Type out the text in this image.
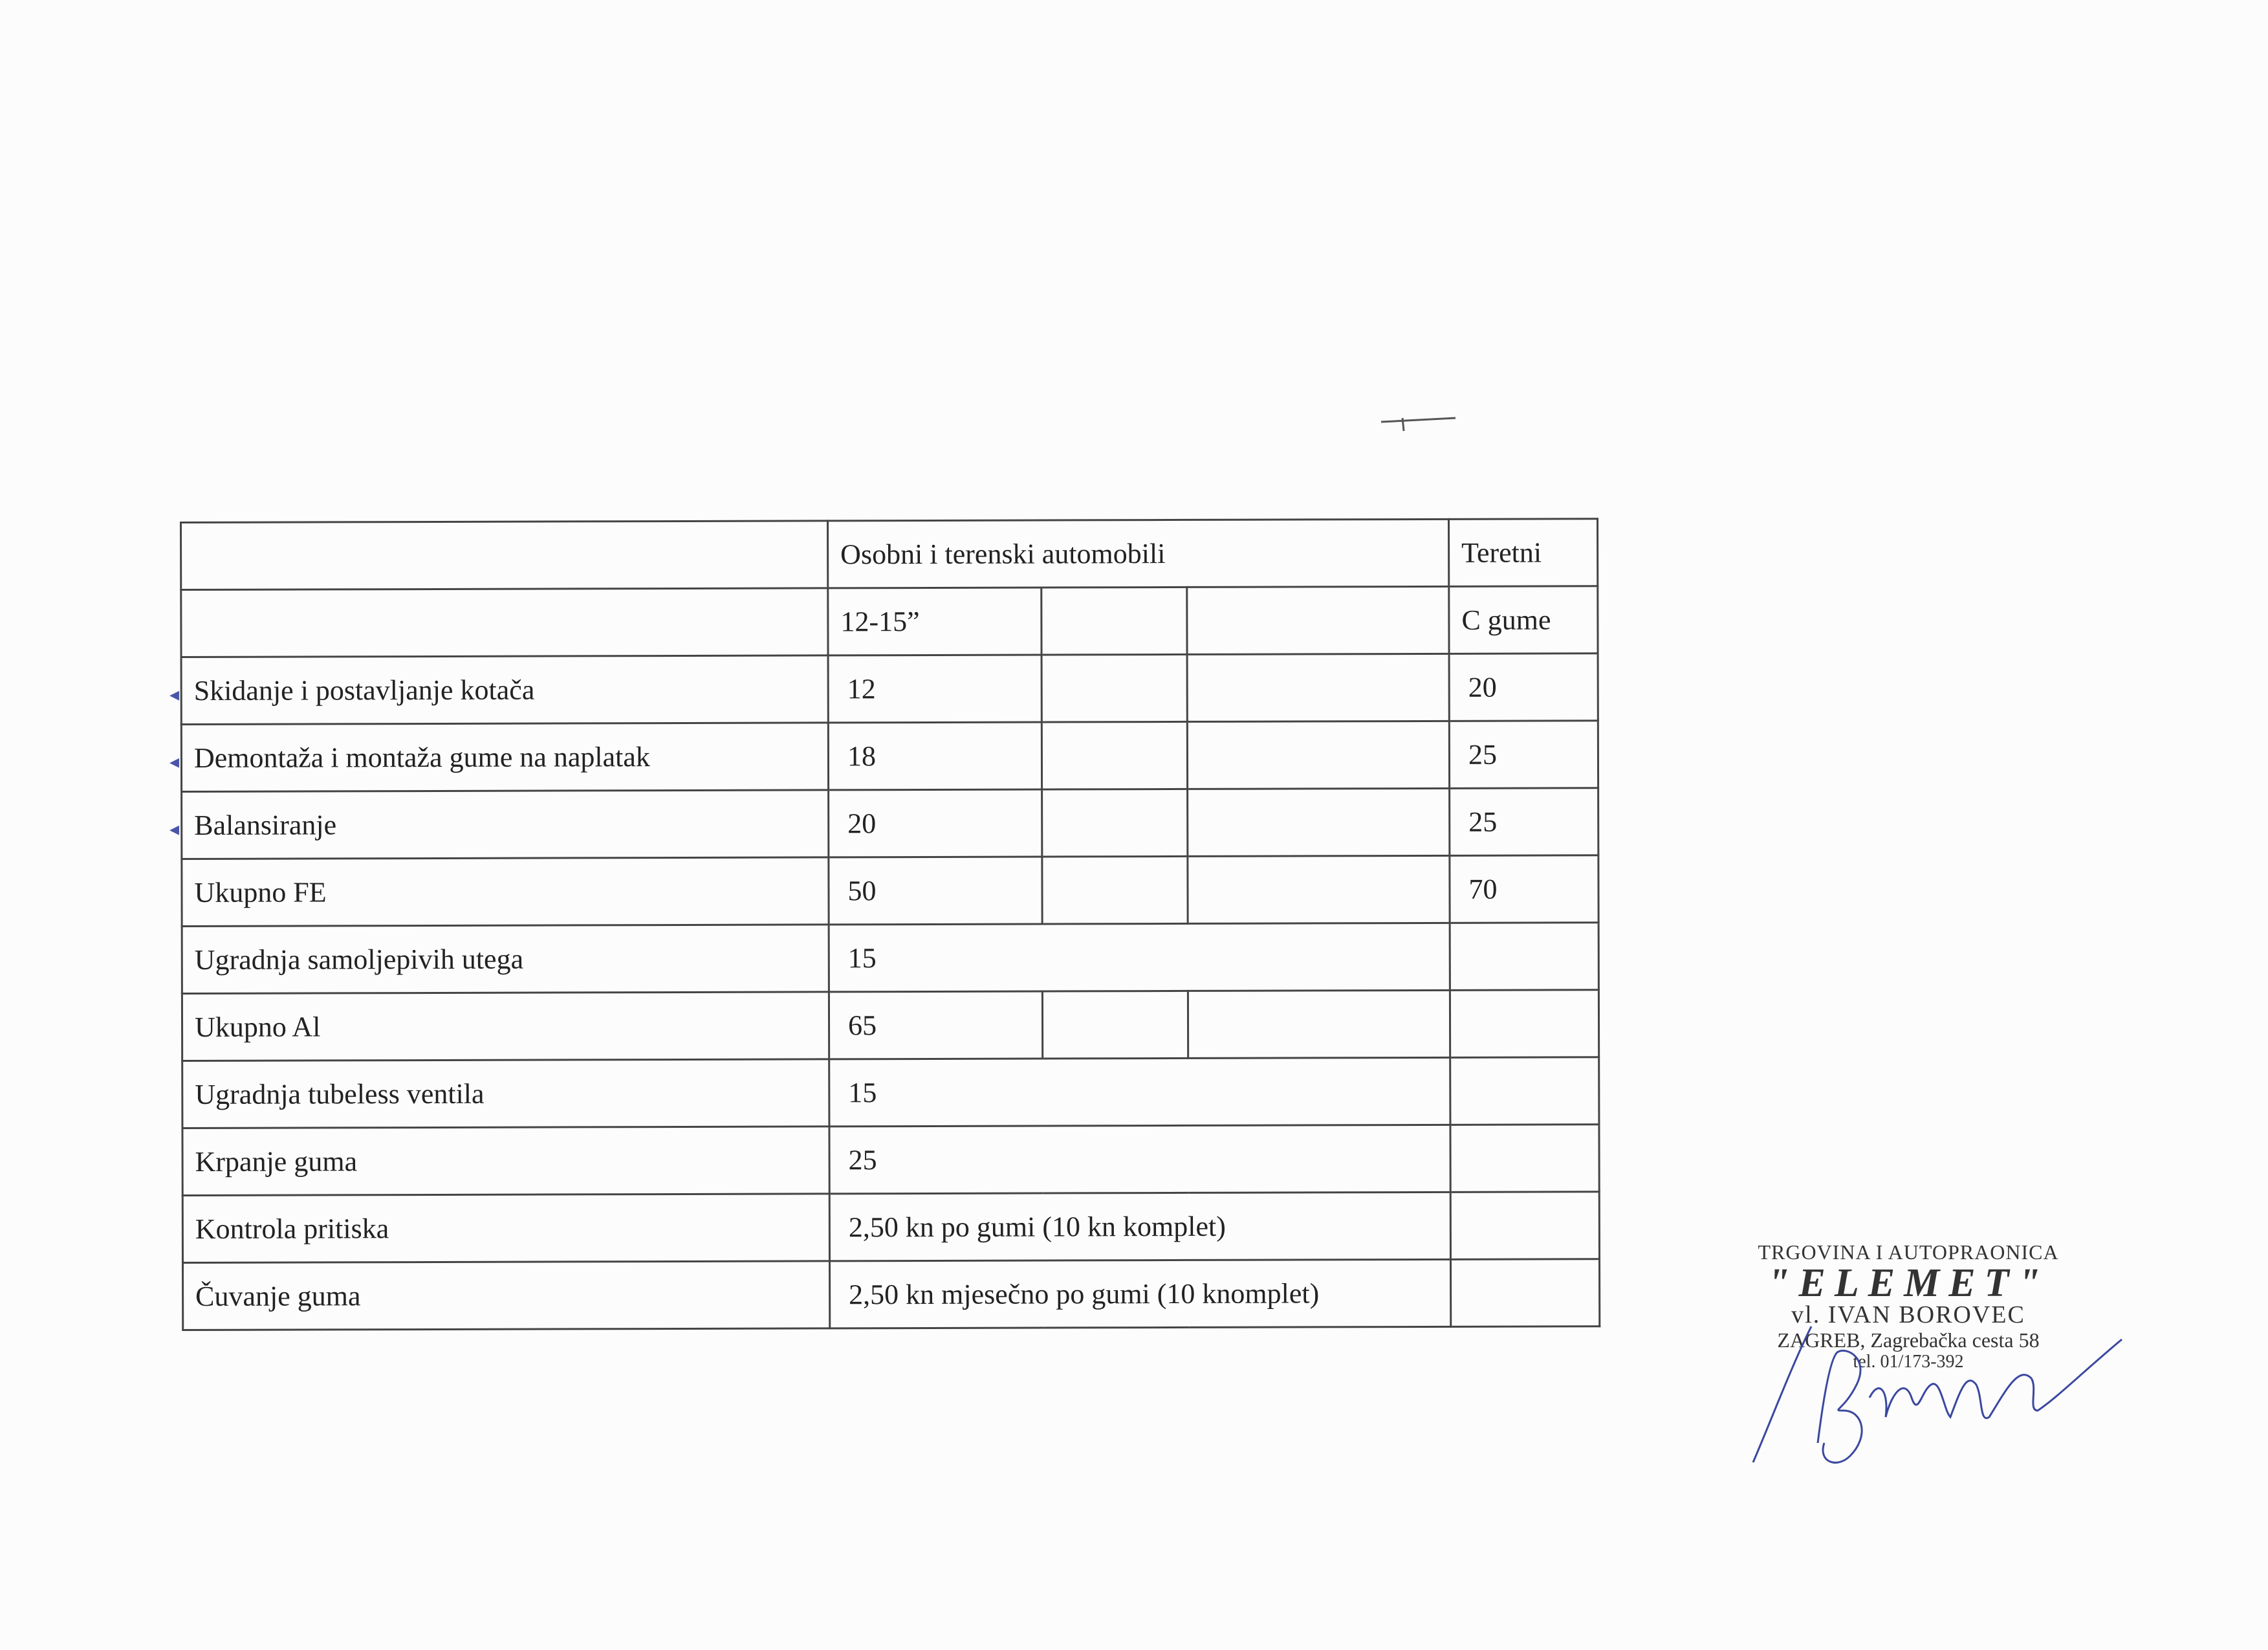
	Osobni i terenski automobili			Teretni
	12-15”			C gume
Skidanje i postavljanje kotača	12			20
Demontaža i montaža gume na naplatak	18			25
Balansiranje	20			25
Ukupno FE	50			70
Ugradnja samoljepivih utega	15			
Ukupno Al	65			
Ugradnja tubeless ventila	15			
Krpanje guma	25			
Kontrola pritiska	2,50 kn po gumi (10 kn komplet)			
Čuvanje guma	2,50 kn mjesečno po gumi (10 knomplet)			
◂
◂
◂
TRGOVINA I AUTOPRAONICA
"ELEMET"
vl. IVAN BOROVEC
ZAGREB, Zagrebačka cesta 58
tel. 01/173-392
